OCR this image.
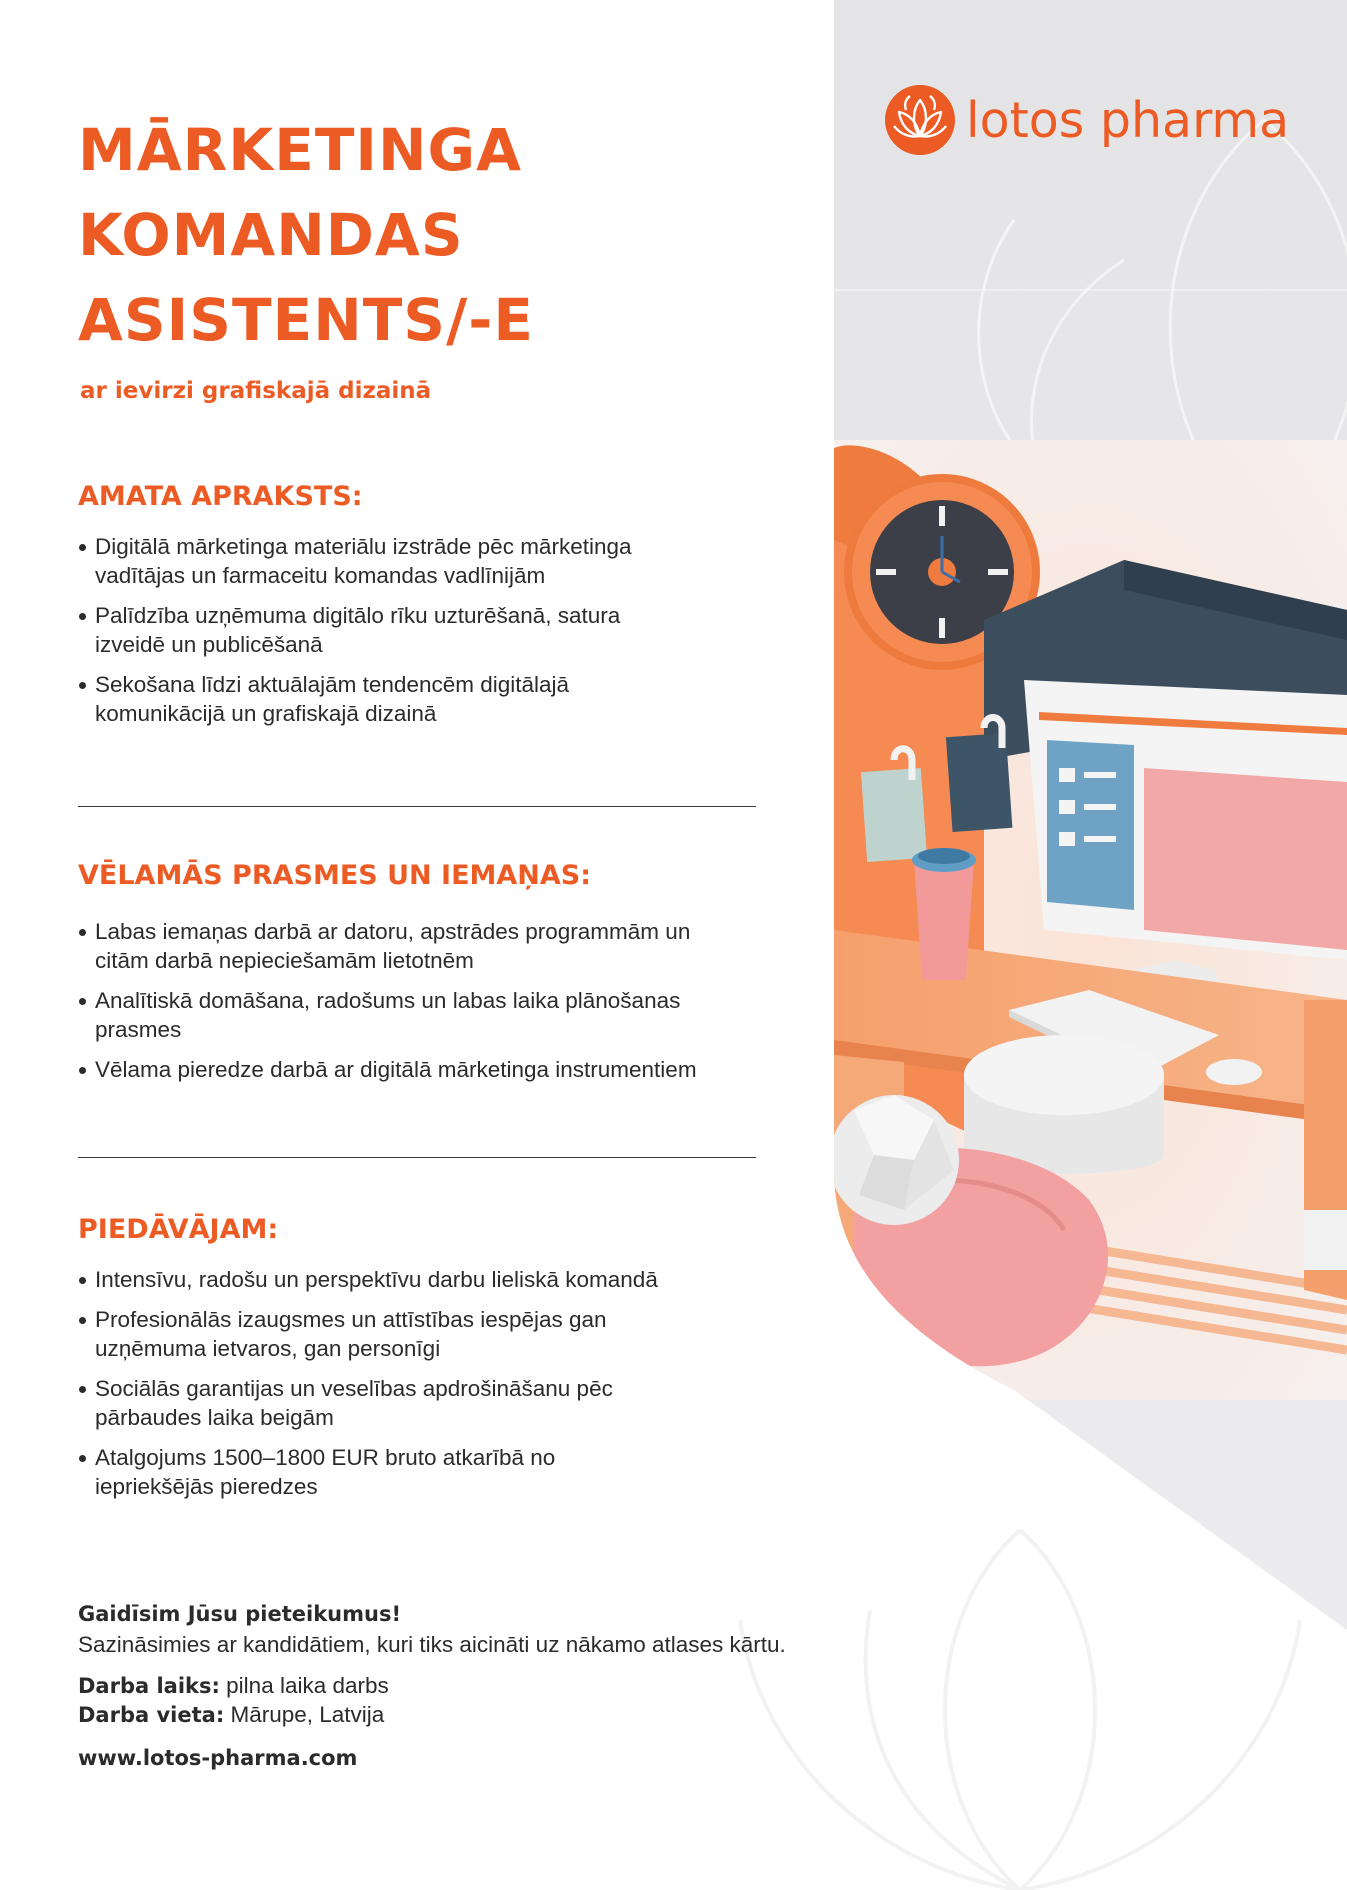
lotos pharma
MĀRKETINGA
KOMANDAS
ASISTENTS/-E
ar ievirzi grafiskajā dizainā
AMATA APRAKSTS:
Digitālā mārketinga materiālu izstrāde pēc mārketinga vadītājas un farmaceitu komandas vadlīnijām
Palīdzība uzņēmuma digitālo rīku uzturēšanā, satura izveidē un publicēšanā
Sekošana līdzi aktuālajām tendencēm digitālajā komunikācijā un grafiskajā dizainā
VĒLAMĀS PRASMES UN IEMAŅAS:
Labas iemaņas darbā ar datoru, apstrādes programmām un citām darbā nepieciešamām lietotnēm
Analītiskā domāšana, radošums un labas laika plānošanas prasmes
Vēlama pieredze darbā ar digitālā mārketinga instrumentiem
PIEDĀVĀJAM:
Intensīvu, radošu un perspektīvu darbu lieliskā komandā
Profesionālās izaugsmes un attīstības iespējas gan uzņēmuma ietvaros, gan personīgi
Sociālās garantijas un veselības apdrošināšanu pēc pārbaudes laika beigām
Atalgojums 1500–1800 EUR bruto atkarībā no iepriekšējās pieredzes
Gaidīsim Jūsu pieteikumus!
Sazināsimies ar kandidātiem, kuri tiks aicināti uz nākamo atlases kārtu.
Darba laiks: pilna laika darbs
Darba vieta: Mārupe, Latvija
www.lotos-pharma.com
